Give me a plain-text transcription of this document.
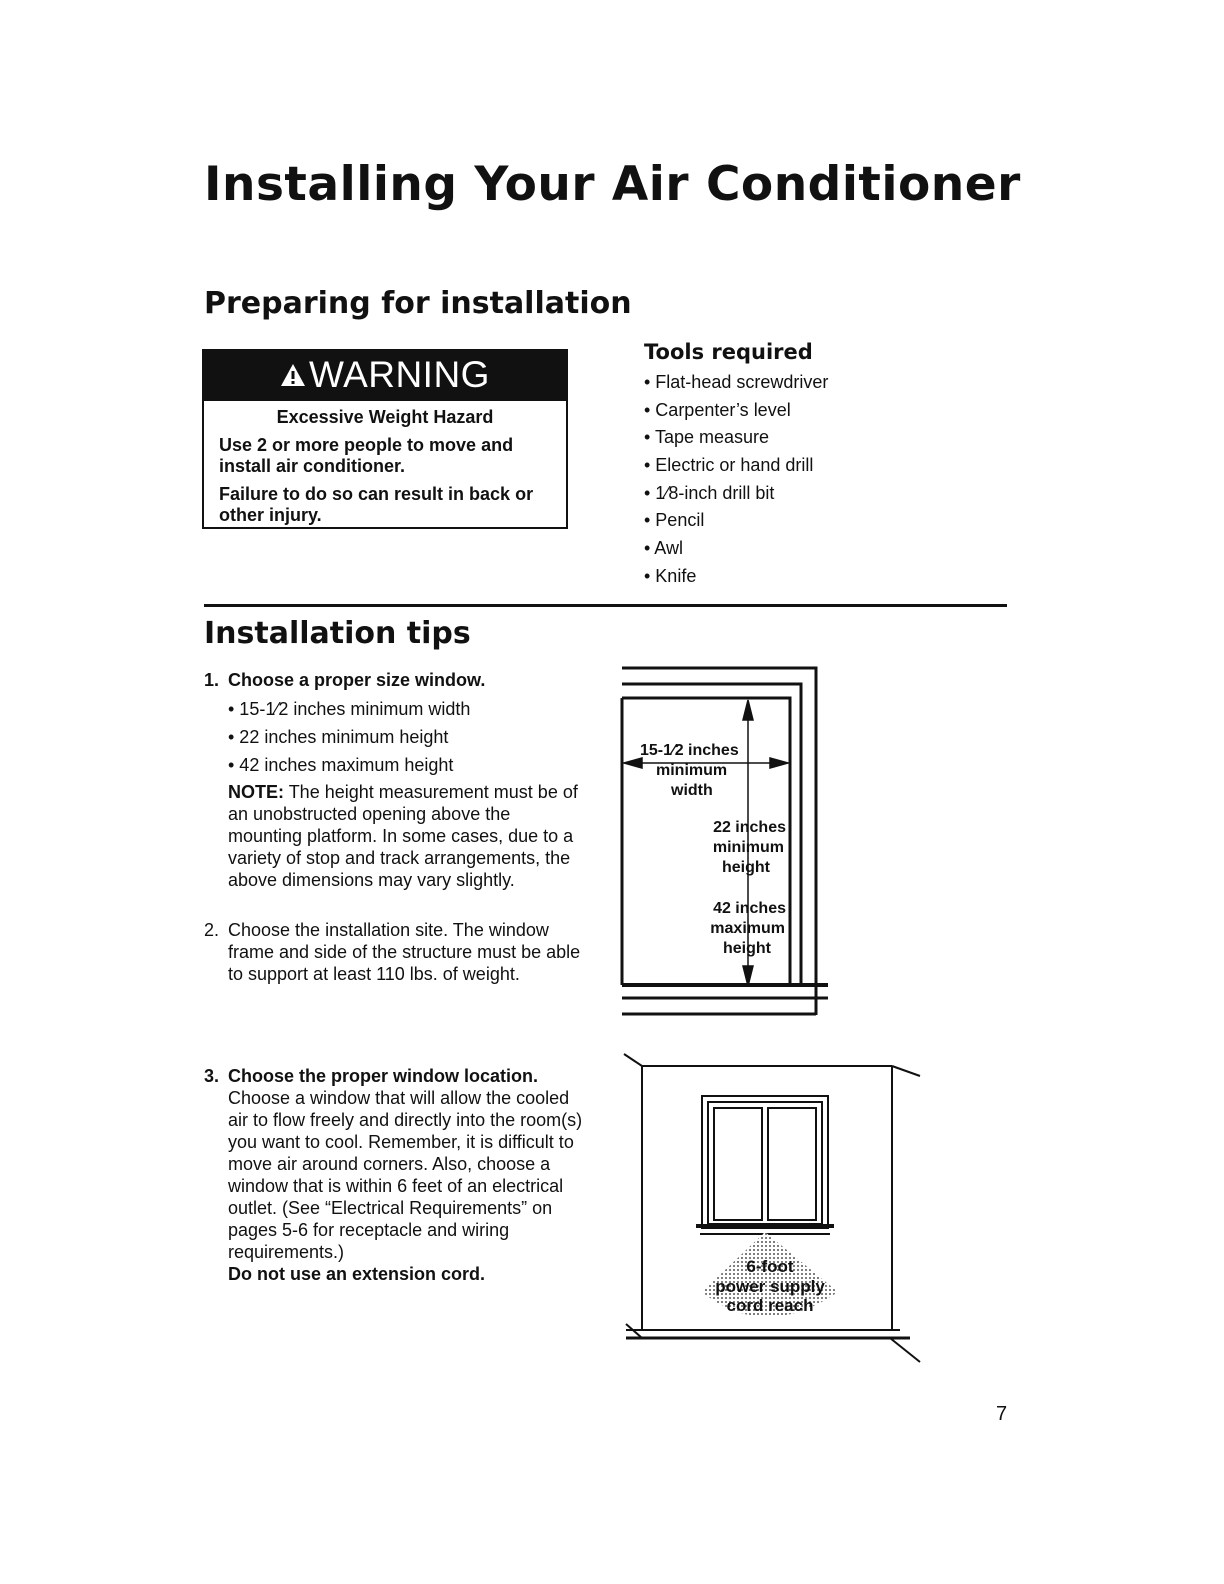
Installing Your Air Conditioner
Preparing for installation
WARNING
Excessive Weight Hazard

Use 2 or more people to move and install air conditioner.

Failure to do so can result in back or other injury.

Tools required
• Flat-head screwdriver
• Carpenter’s level
• Tape measure
• Electric or hand drill
• 1⁄8-inch drill bit
• Pencil
• Awl
• Knife
Installation tips
1. Choose a proper size window.
• 15-1⁄2 inches minimum width
• 22 inches minimum height
• 42 inches maximum height
NOTE: The height measurement must be of an unobstructed opening above the mounting platform. In some cases, due to a variety of stop and track arrangements, the above dimensions may vary slightly.
2. Choose the installation site. The window frame and side of the structure must be able to support at least 110 lbs. of weight.
3. Choose the proper window location.
Choose a window that will allow the cooled air to flow freely and directly into the room(s) you want to cool. Remember, it is difficult to move air around corners. Also, choose a window that is within 6 feet of an electrical outlet. (See “Electrical Requirements” on pages 5-6 for receptacle and wiring requirements.)
Do not use an extension cord.
15-1⁄2 inches
minimum
width
22 inches
minimum
height
42 inches
maximum
height
6-foot
power supply
cord reach
7
